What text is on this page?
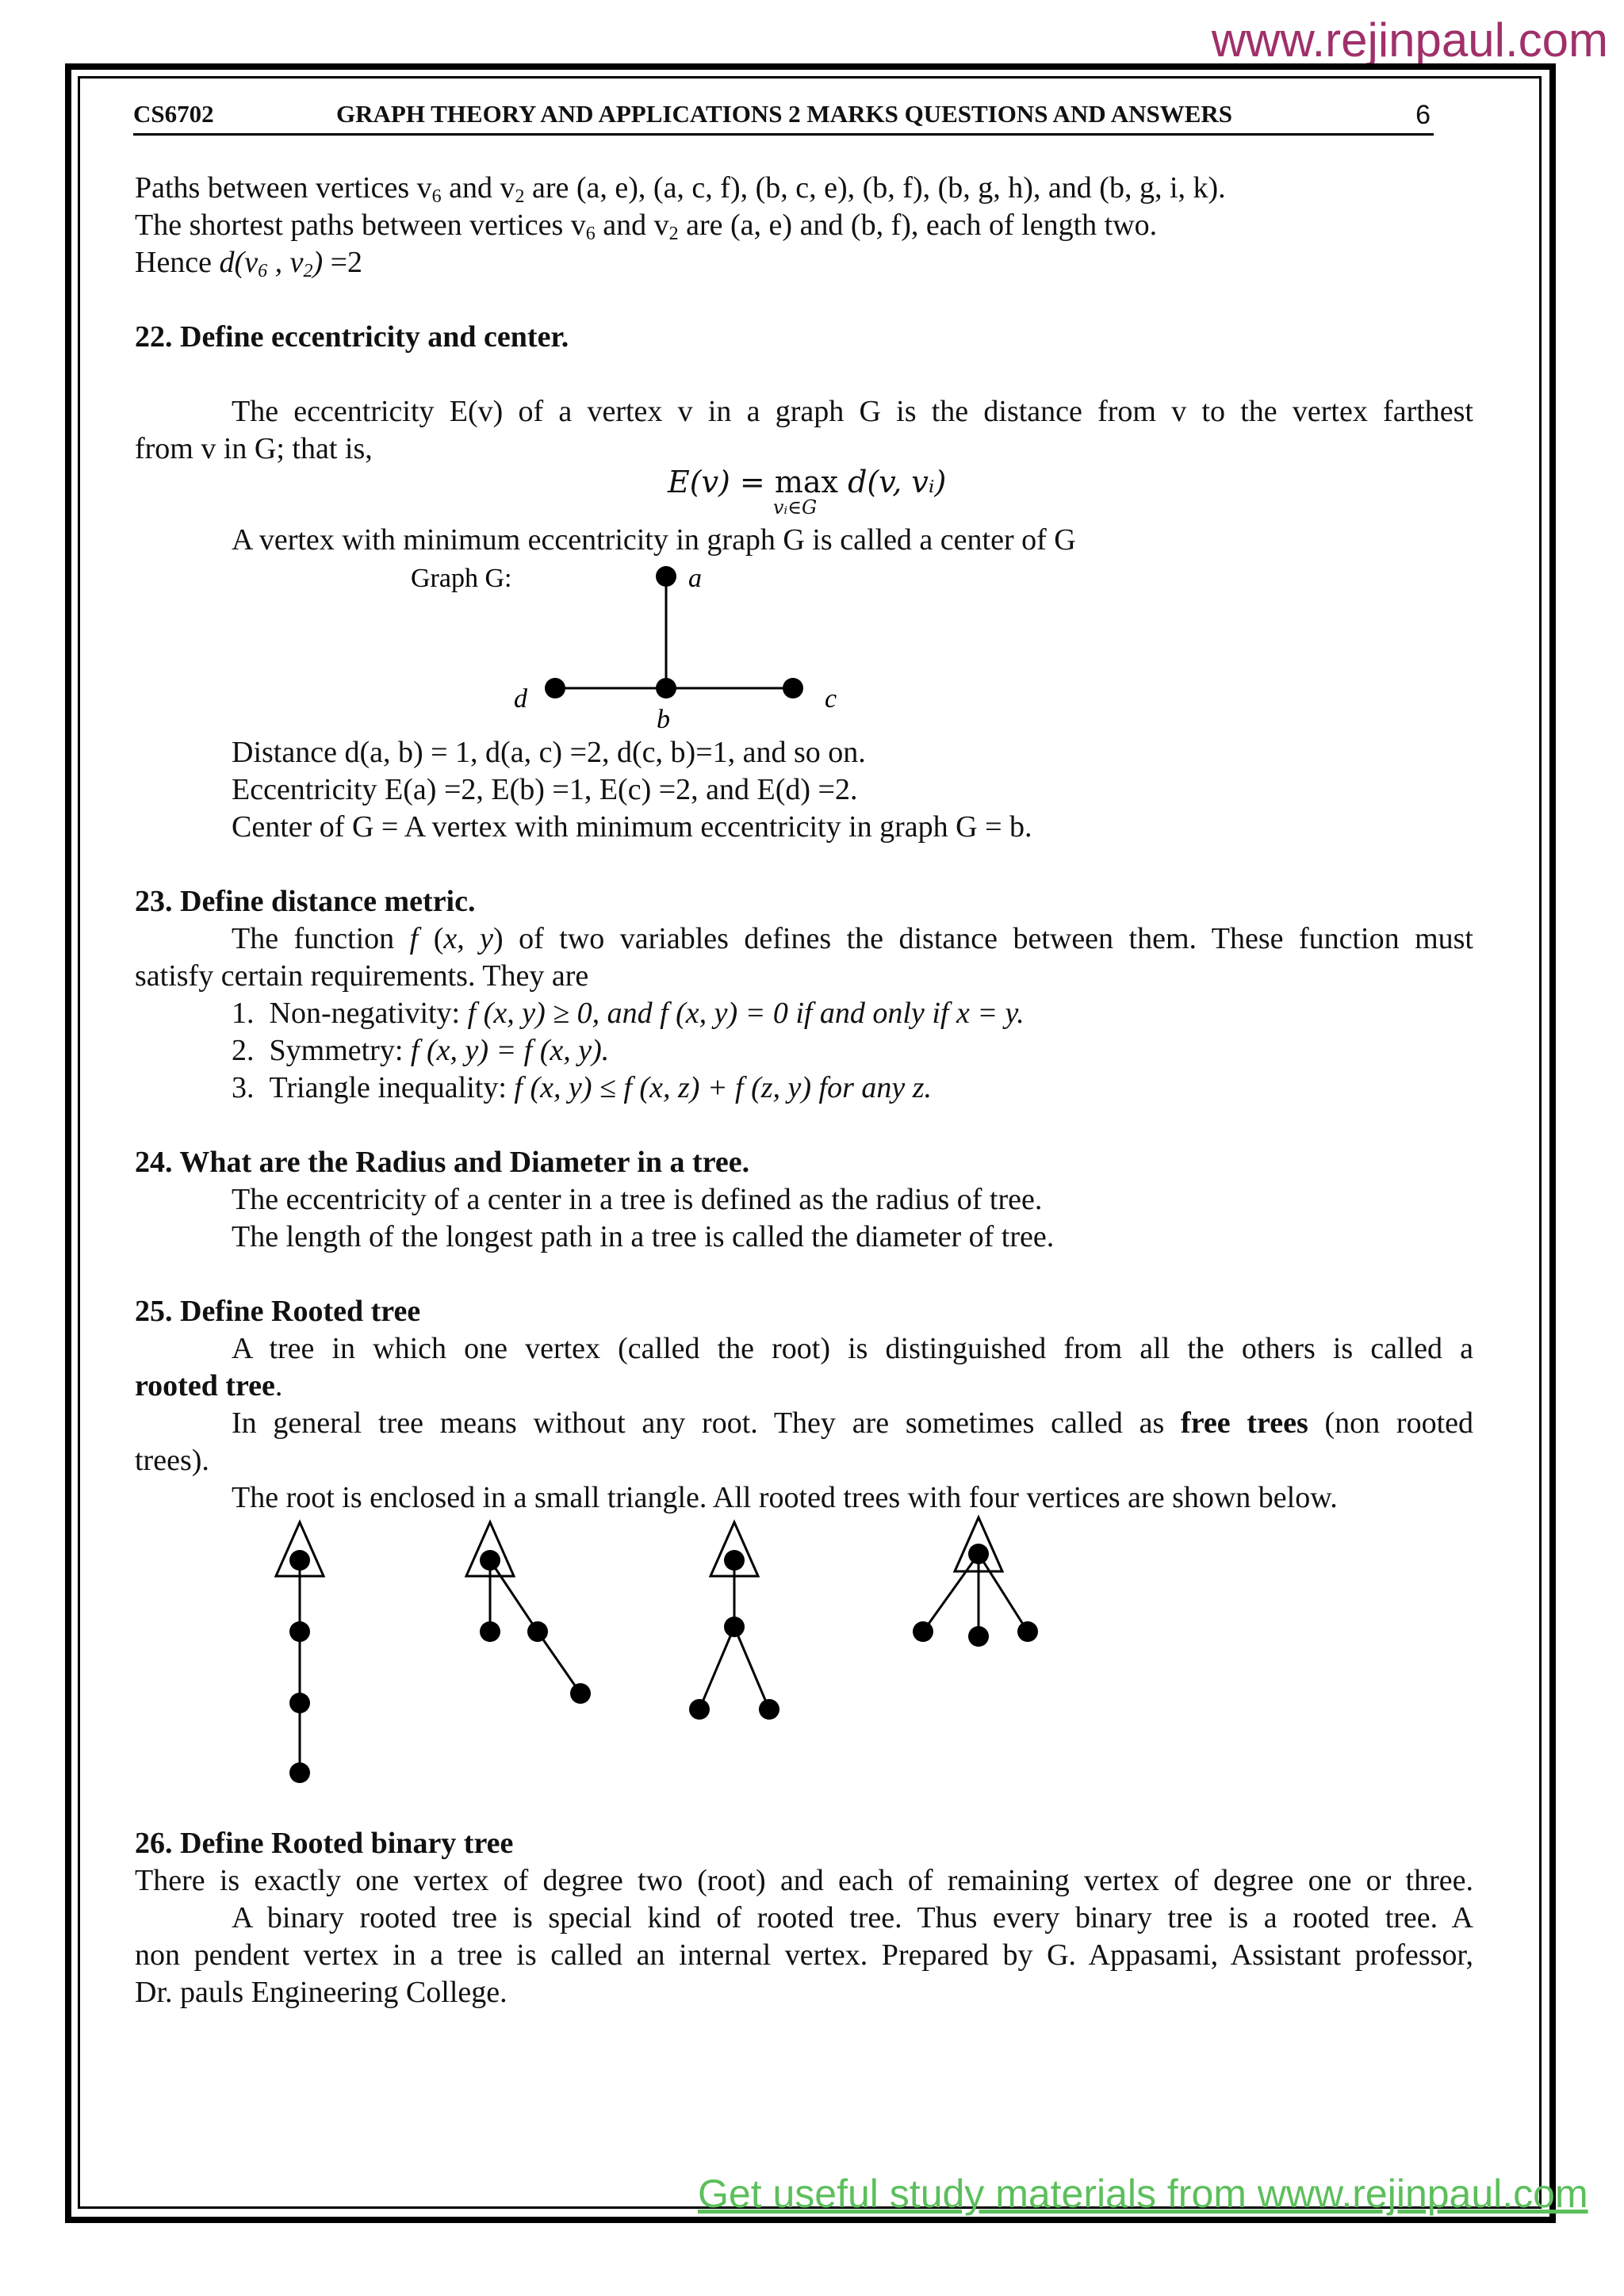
www.rejinpaul.com
CS6702	GRAPH THEORY AND APPLICATIONS 2 MARKS QUESTIONS AND ANSWERS	6
Paths between vertices $v_6$ and $v_2$ are (a, e), (a, c, f), (b, c, e), (b, f), (b, g, h), and (b, g, i, k).
The shortest paths between vertices $v_6$ and $v_2$ are (a, e) and (b, f), each of length two.
Hence $d(v_6$ , $v_2) =2$
22. Define eccentricity and center.
The eccentricity E(v) of a vertex v in a graph G is the distance from v to the vertex farthest
from v in G; that is,
E(v) = max
vᵢ∈G
d(v, vᵢ)
A vertex with minimum eccentricity in graph G is called a center of G
Graph G:	a
b
c
d
Distance d(a, b) = 1, d(a, c) =2, d(c, b)=1, and so on.
Eccentricity E(a) =2, E(b) =1, E(c) =2, and E(d) =2.
Center of G = A vertex with minimum eccentricity in graph G = b.
23. Define distance metric.
The function f (x, y) of two variables defines the distance between them. These function must
satisfy certain requirements. They are
1. Non-negativity: f (x, y) ≥ 0, and f (x, y) = 0 if and only if x = y.
2. Symmetry: f (x, y) = f (x, y).
3. Triangle inequality: f (x, y) ≤ f (x, z) + f (z, y) for any z.
24. What are the Radius and Diameter in a tree.
The eccentricity of a center in a tree is defined as the radius of tree.
The length of the longest path in a tree is called the diameter of tree.
25. Define Rooted tree
A tree in which one vertex (called the root) is distinguished from all the others is called a
rooted tree.
In general tree means without any root. They are sometimes called as free trees (non rooted
trees).
The root is enclosed in a small triangle. All rooted trees with four vertices are shown below.
26. Define Rooted binary tree
There is exactly one vertex of degree two (root) and each of remaining vertex of degree one or three.
A binary rooted tree is special kind of rooted tree. Thus every binary tree is a rooted tree. A
non pendent vertex in a tree is called an internal vertex. Prepared by G. Appasami, Assistant professor,
Dr. pauls Engineering College.
Get useful study materials from www.rejinpaul.com
